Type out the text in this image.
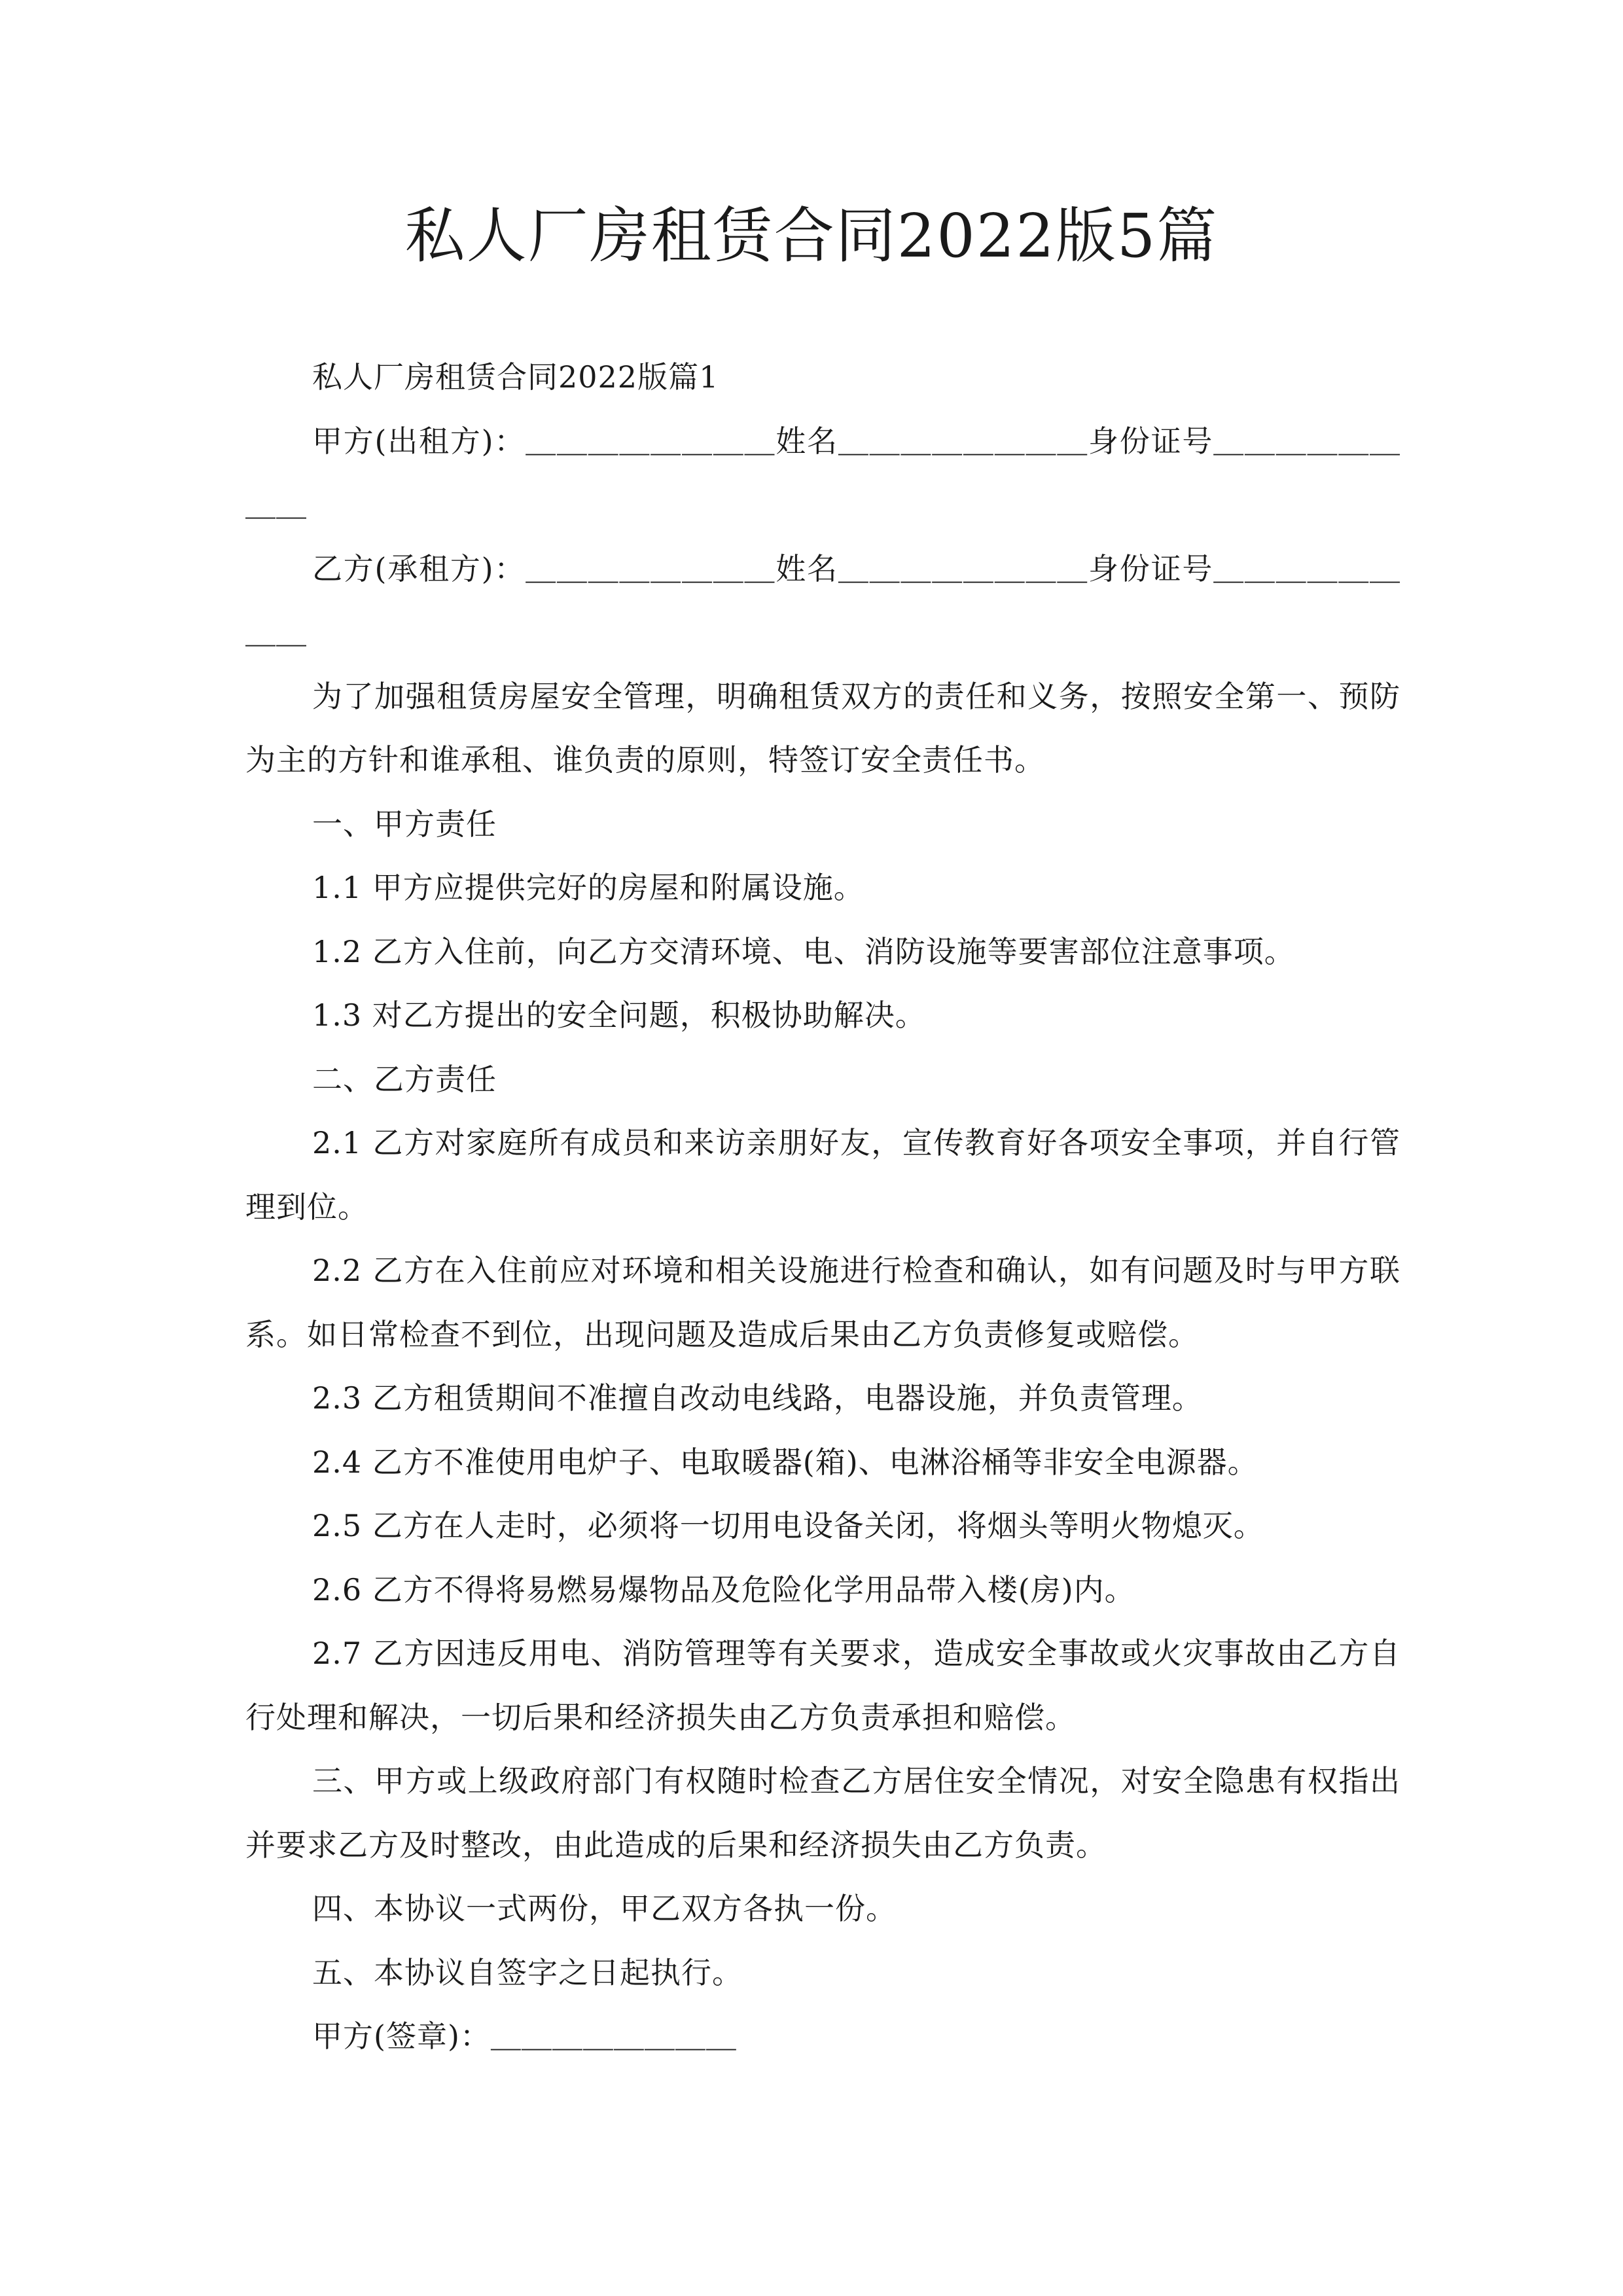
私人厂房租赁合同2022版5篇

私人厂房租赁合同2022版篇1

甲方(出租方)：＿＿＿＿＿＿＿＿姓名＿＿＿＿＿＿＿＿身份证号＿＿＿＿＿＿＿＿

乙方(承租方)：＿＿＿＿＿＿＿＿姓名＿＿＿＿＿＿＿＿身份证号＿＿＿＿＿＿＿＿

为了加强租赁房屋安全管理，明确租赁双方的责任和义务，按照安全第一、预防为主的方针和谁承租、谁负责的原则，特签订安全责任书。

一、甲方责任

1.1 甲方应提供完好的房屋和附属设施。

1.2 乙方入住前，向乙方交清环境、电、消防设施等要害部位注意事项。

1.3 对乙方提出的安全问题，积极协助解决。

二、乙方责任

2.1 乙方对家庭所有成员和来访亲朋好友，宣传教育好各项安全事项，并自行管理到位。

2.2 乙方在入住前应对环境和相关设施进行检查和确认，如有问题及时与甲方联系。如日常检查不到位，出现问题及造成后果由乙方负责修复或赔偿。

2.3 乙方租赁期间不准擅自改动电线路，电器设施，并负责管理。

2.4 乙方不准使用电炉子、电取暖器(箱)、电淋浴桶等非安全电源器。

2.5 乙方在人走时，必须将一切用电设备关闭，将烟头等明火物熄灭。

2.6 乙方不得将易燃易爆物品及危险化学用品带入楼(房)内。

2.7 乙方因违反用电、消防管理等有关要求，造成安全事故或火灾事故由乙方自行处理和解决，一切后果和经济损失由乙方负责承担和赔偿。

三、甲方或上级政府部门有权随时检查乙方居住安全情况，对安全隐患有权指出并要求乙方及时整改，由此造成的后果和经济损失由乙方负责。

四、本协议一式两份，甲乙双方各执一份。

五、本协议自签字之日起执行。

甲方(签章)：＿＿＿＿＿＿＿＿
